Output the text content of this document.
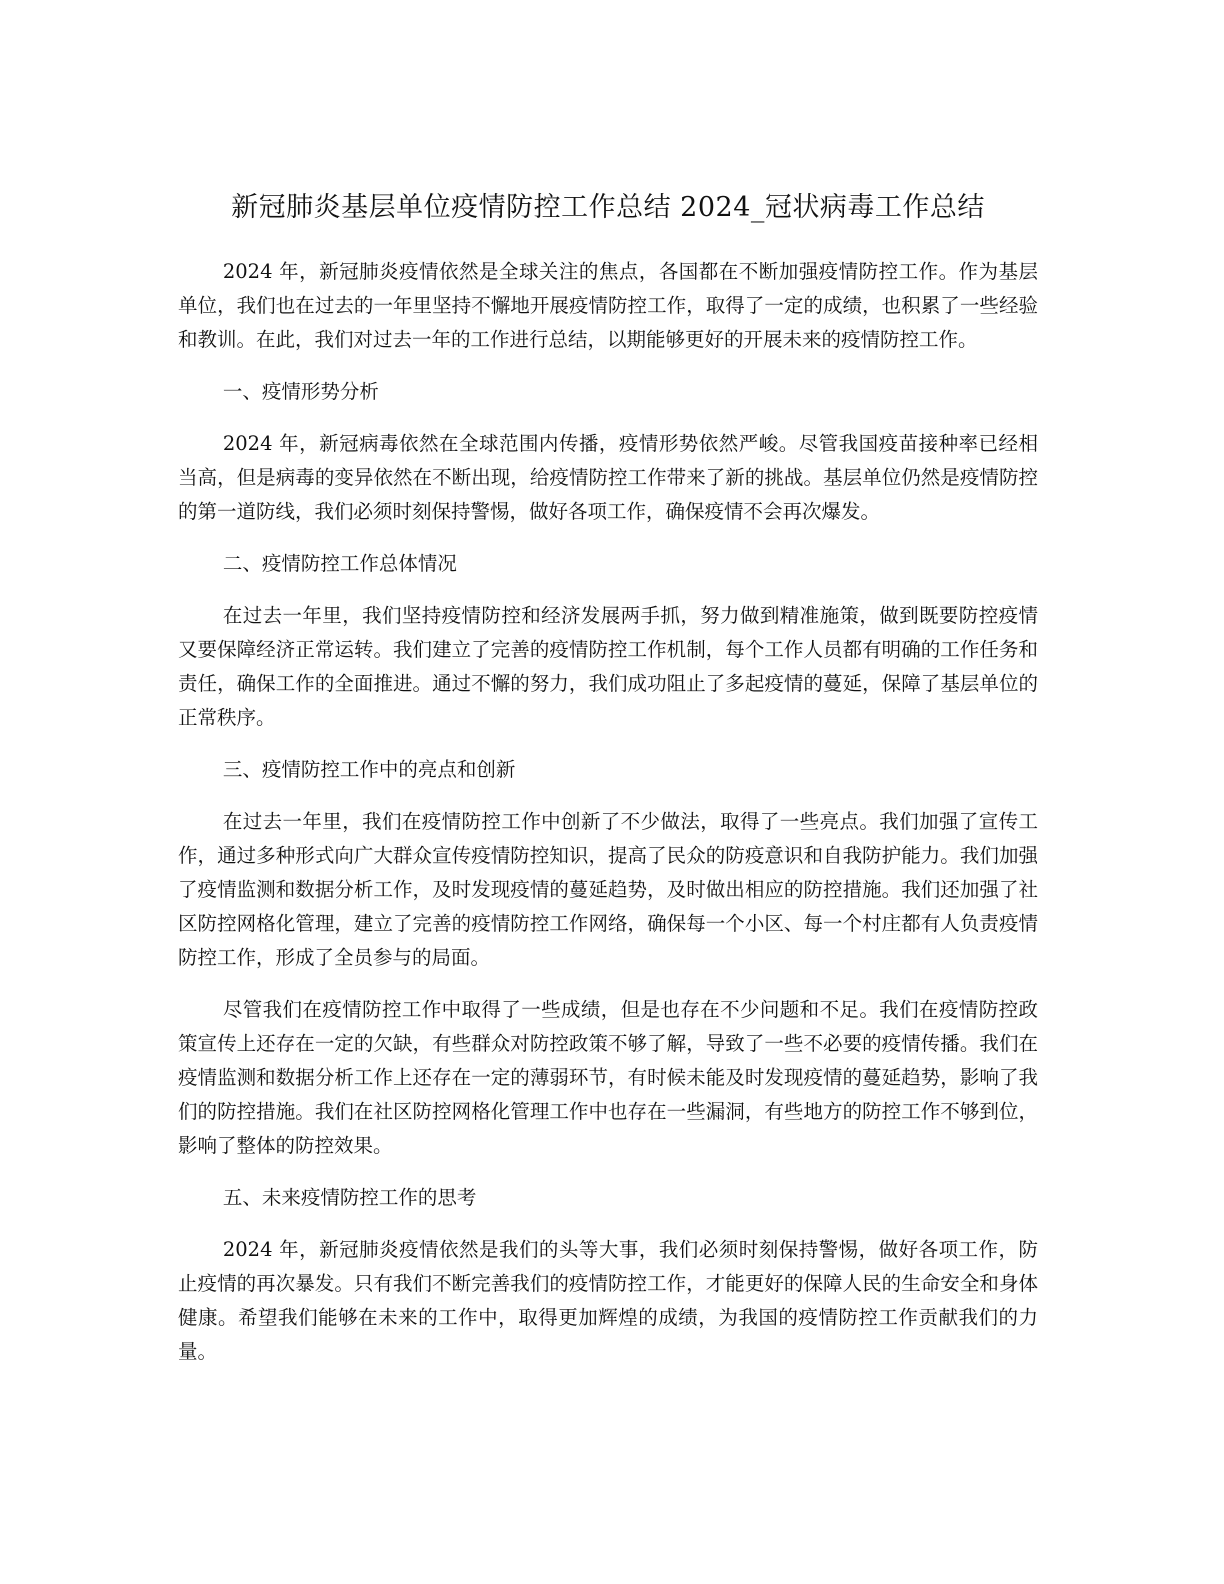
新冠肺炎基层单位疫情防控工作总结 2024_冠状病毒工作总结

2024 年，新冠肺炎疫情依然是全球关注的焦点，各国都在不断加强疫情防控工作。作为基层单位，我们也在过去的一年里坚持不懈地开展疫情防控工作，取得了一定的成绩，也积累了一些经验和教训。在此，我们对过去一年的工作进行总结，以期能够更好的开展未来的疫情防控工作。

一、疫情形势分析

2024 年，新冠病毒依然在全球范围内传播，疫情形势依然严峻。尽管我国疫苗接种率已经相当高，但是病毒的变异依然在不断出现，给疫情防控工作带来了新的挑战。基层单位仍然是疫情防控的第一道防线，我们必须时刻保持警惕，做好各项工作，确保疫情不会再次爆发。

二、疫情防控工作总体情况

在过去一年里，我们坚持疫情防控和经济发展两手抓，努力做到精准施策，做到既要防控疫情又要保障经济正常运转。我们建立了完善的疫情防控工作机制，每个工作人员都有明确的工作任务和责任，确保工作的全面推进。通过不懈的努力，我们成功阻止了多起疫情的蔓延，保障了基层单位的正常秩序。

三、疫情防控工作中的亮点和创新

在过去一年里，我们在疫情防控工作中创新了不少做法，取得了一些亮点。我们加强了宣传工作，通过多种形式向广大群众宣传疫情防控知识，提高了民众的防疫意识和自我防护能力。我们加强了疫情监测和数据分析工作，及时发现疫情的蔓延趋势，及时做出相应的防控措施。我们还加强了社区防控网格化管理，建立了完善的疫情防控工作网络，确保每一个小区、每一个村庄都有人负责疫情防控工作，形成了全员参与的局面。

尽管我们在疫情防控工作中取得了一些成绩，但是也存在不少问题和不足。我们在疫情防控政策宣传上还存在一定的欠缺，有些群众对防控政策不够了解，导致了一些不必要的疫情传播。我们在疫情监测和数据分析工作上还存在一定的薄弱环节，有时候未能及时发现疫情的蔓延趋势，影响了我们的防控措施。我们在社区防控网格化管理工作中也存在一些漏洞，有些地方的防控工作不够到位，影响了整体的防控效果。

五、未来疫情防控工作的思考

2024 年，新冠肺炎疫情依然是我们的头等大事，我们必须时刻保持警惕，做好各项工作，防止疫情的再次暴发。只有我们不断完善我们的疫情防控工作，才能更好的保障人民的生命安全和身体健康。希望我们能够在未来的工作中，取得更加辉煌的成绩，为我国的疫情防控工作贡献我们的力量。
